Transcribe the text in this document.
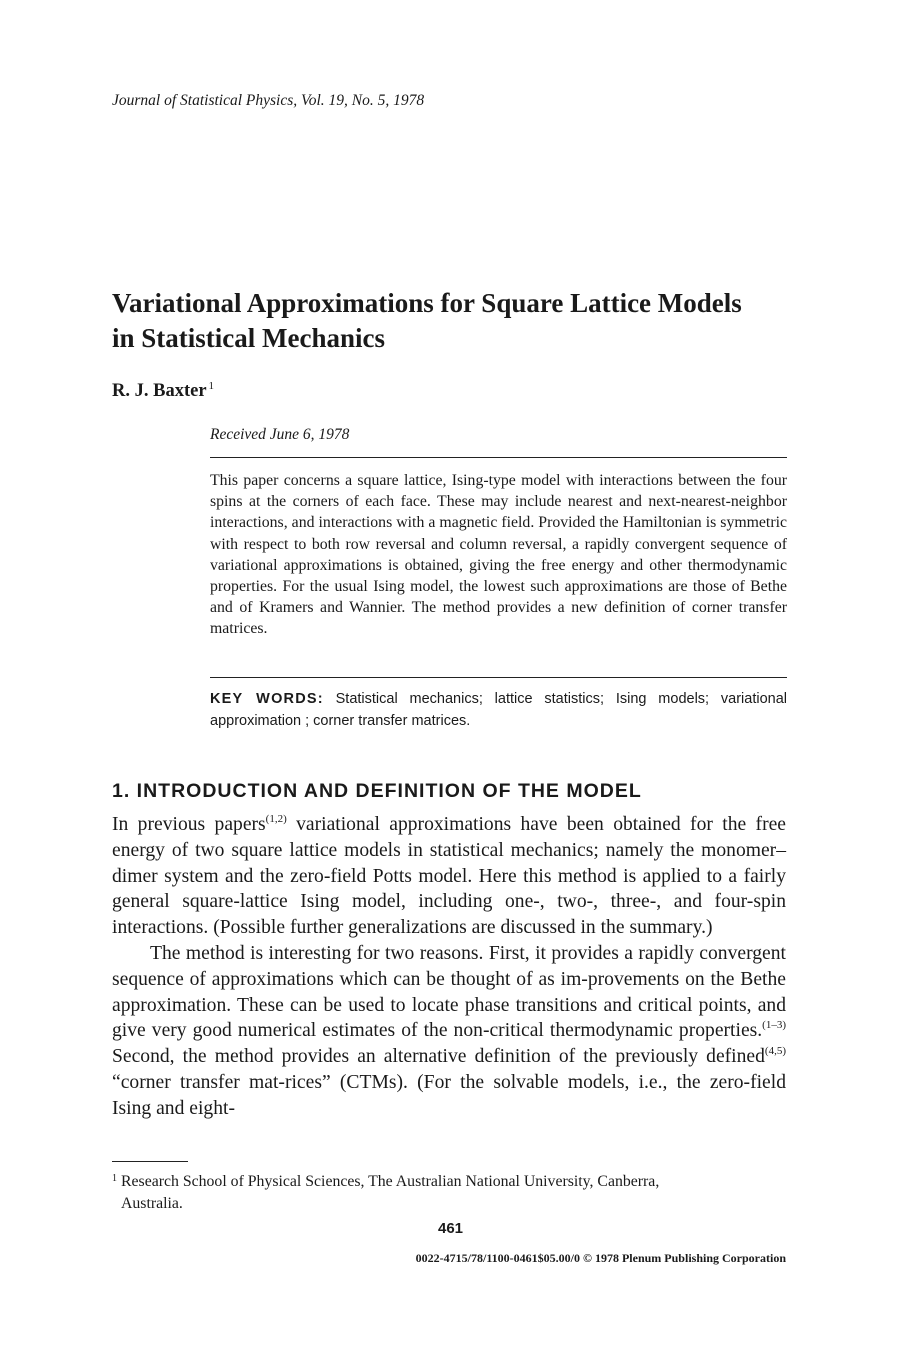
Journal of Statistical Physics, Vol. 19, No. 5, 1978
Variational Approximations for Square Lattice Models
in Statistical Mechanics
R. J. Baxter $^1$
Received June 6, 1978
This paper concerns a square lattice, Ising-type model with interactions between the four spins at the corners of each face. These may include nearest and next-nearest-neighbor interactions, and interactions with a magnetic field. Provided the Hamiltonian is symmetric with respect to both row reversal and column reversal, a rapidly convergent sequence of variational approximations is obtained, giving the free energy and other thermodynamic properties. For the usual Ising model, the lowest such approximations are those of Bethe and of Kramers and Wannier. The method provides a new definition of corner transfer matrices.
KEY WORDS: Statistical mechanics; lattice statistics; Ising models; variational approximation ; corner transfer matrices.
1. INTRODUCTION AND DEFINITION OF THE MODEL

In previous papers$^{(1,2)}$ variational approximations have been obtained for the free energy of two square lattice models in statistical mechanics; namely the monomer–dimer system and the zero-field Potts model. Here this method is applied to a fairly general square-lattice Ising model, including one-, two-, three-, and four-spin interactions. (Possible further generalizations are discussed in the summary.)

The method is interesting for two reasons. First, it provides a rapidly convergent sequence of approximations which can be thought of as im-provements on the Bethe approximation. These can be used to locate phase transitions and critical points, and give very good numerical estimates of the non-critical thermodynamic properties.$^{(1-3)}$ Second, the method provides an alternative definition of the previously defined$^{(4,5)}$ “corner transfer mat-rices” (CTMs). (For the solvable models, i.e., the zero-field Ising and eight-

$^1$ Research School of Physical Sciences, The Australian National University, Canberra,
Australia.
461
0022-4715/78/1100-0461$05.00/0 © 1978 Plenum Publishing Corporation
